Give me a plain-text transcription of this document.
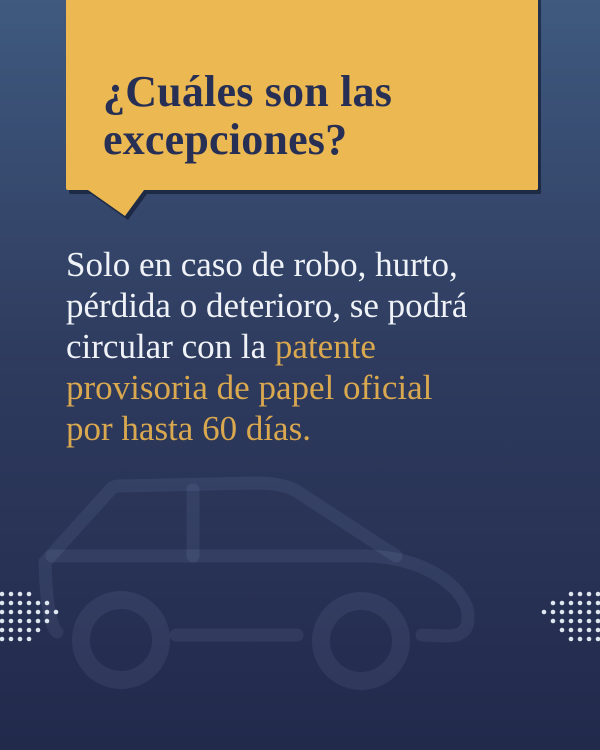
¿Cuáles son las
excepciones?
Solo en caso de robo, hurto,
pérdida o deterioro, se podrá
circular con la patente
provisoria de papel oficial
por hasta 60 días.
